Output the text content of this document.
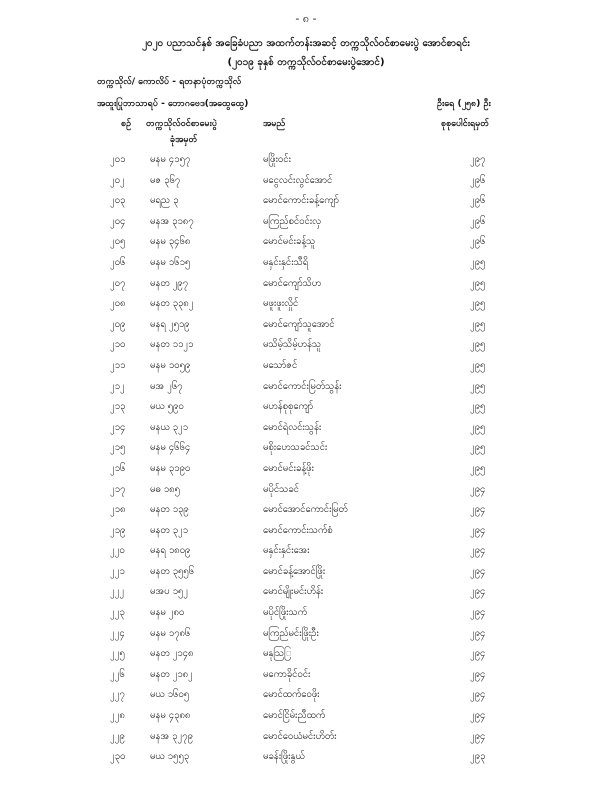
- ၈ -
၂၀၂၀ ပညာသင်နှစ် အခြေခံပညာ အထက်တန်းအဆင့် တက္ကသိုလ်ဝင်စာမေးပွဲ အောင်စာရင်း
(၂၀၁၉ ခုနှစ် တက္ကသိုလ်ဝင်စာမေးပွဲအောင်)
တက္ကသိုလ်/ ကောလိပ် - ရတနာပုံတက္ကသိုလ်
အထူးပြုဘာသာရပ် - ဘောဂဗေဒ(အထွေထွေ)	ဦးရေ (၂၅၈) ဦး
စဉ် တက္ကသိုလ်ဝင်စာမေးပွဲ
ခုံအမှတ်
အမည်	စုစုပေါင်းရမှတ်
၂၀၁	မနမ ၄၁၅၇	မဖြိုးဝင်း	၂၉၇
၂၀၂	မဇ ၃၆၇	မငွေလင်းလွင်အောင်	၂၉၆
၂၀၃	မရည ၃	မောင်ကောင်းခန့်ကျော်	၂၉၆
၂၀၄	မနအ ၃၁၈၇	မကြည်စင်ဝင်းလှ	၂၉၆
၂၀၅	မနမ ၃၄၆၈	မောင်မင်းခန့်သူ	၂၉၆
၂၀၆	မနမ ၁၆၁၅	မနှင်းနှင်းသီရိ	၂၉၅
၂၀၇	မနတ ၂၉၇	မောင်ကျော်သိဟ	၂၉၅
၂၀၈	မနတ ၃၃၈၂	မဖူးဖူးလှိုင်	၂၉၅
၂၀၉	မနရ ၂၅၁၉	မောင်ကျော်သူအောင်	၂၉၅
၂၁၀	မနတ ၁၁၂၁	မသိမ့်သိမ့်ဟန်သူ	၂၉၅
၂၁၁	မနမ ၁၀၅၉	မသော်ဇင်	၂၉၅
၂၁၂	မအ ၂၆၇	မောင်ကောင်းမြတ်သွန်း	၂၉၅
၂၁၃	မယ ၅၉၀	မဟန်စုစုကျော်	၂၉၅
၂၁၄	မနယ ၃၂၁	မောင်ရဲလင်းသွန်း	၂၉၅
၂၁၅	မနမ ၄၆၆၄	မစိုးဟေသခင်သင်း	၂၉၅
၂၁၆	မနမ ၃၁၉၀	မောင်မင်းခန့်ဖိုး	၂၉၅
၂၁၇	မဓ ၁၈၅	မပိုင်သခင်	၂၉၄
၂၁၈	မနတ ၁၃၉	မောင်အောင်ကောင်းမြတ်	၂၉၄
၂၁၉	မနတ ၃၂၁	မောင်ကောင်းသက်စံ	၂၉၄
၂၂၀	မနရ ၁၈၀၉	မနှင်းနှင်းအေး	၂၉၄
၂၂၁	မနတ ၃၅၅၆	မောင်ခန့်အောင်ဖြိုး	၂၉၄
၂၂၂	မအပ ၁၅၂	မောင်မျိုးမင်းဟိန်း	၂၉၄
၂၂၃	မနမ ၂၈၀	မပိုင်ဖြိုးသက်	၂၉၄
၂၂၄	မနမ ၁၇၈၆	မကြည်မင်းဖြိုးဦး	၂၉၄
၂၂၅	မနတ ၂၁၄၈	မနုသြြ	၂၉၄
၂၂၆	မနတ ၂၁၈၂	မကောခိုင်ဝင်း	၂၉၄
၂၂၇	မယ ၁၆၀၅	မောင်ထက်ဝေဖိုး	၂၉၄
၂၂၈	မနမ ၄၃၈၈	မောင်ငြိမ်းညီထက်	၂၉၄
၂၂၉	မနအ ၃၂၇၉	မောင်ဝေယံမင်းဟိတ်း	၂၉၄
၂၃၀	မယ ၁၅၅၃	မခန်းဖြိုးနွယ်	၂၉၃
